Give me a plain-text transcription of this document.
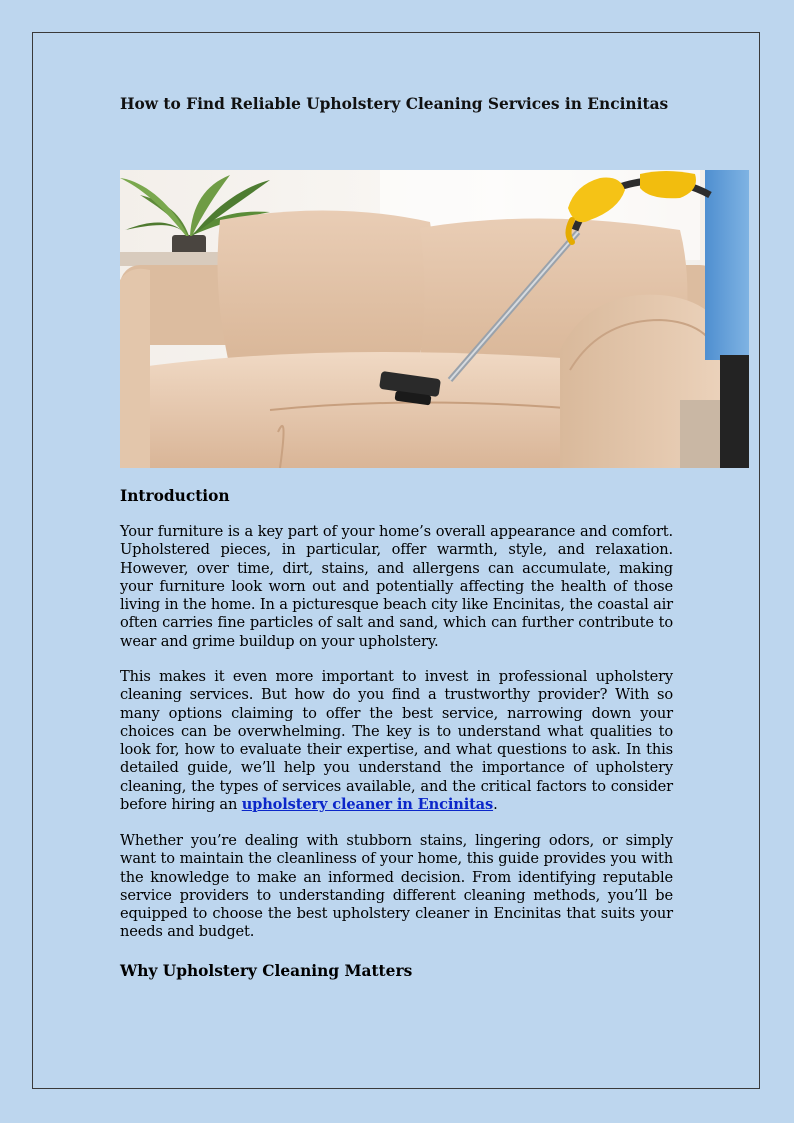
How to Find Reliable Upholstery Cleaning Services in Encinitas
Introduction

Your furniture is a key part of your home’s overall appearance and comfort. Upholstered pieces, in particular, offer warmth, style, and relaxation. However, over time, dirt, stains, and allergens can accumulate, making your furniture look worn out and potentially affecting the health of those living in the home. In a picturesque beach city like Encinitas, the coastal air often carries fine particles of salt and sand, which can further contribute to wear and grime buildup on your upholstery.

This makes it even more important to invest in professional upholstery cleaning services. But how do you find a trustworthy provider? With so many options claiming to offer the best service, narrowing down your choices can be overwhelming. The key is to understand what qualities to look for, how to evaluate their expertise, and what questions to ask. In this detailed guide, we’ll help you understand the importance of upholstery cleaning, the types of services available, and the critical factors to consider before hiring an upholstery cleaner in Encinitas.

Whether you’re dealing with stubborn stains, lingering odors, or simply want to maintain the cleanliness of your home, this guide provides you with the knowledge to make an informed decision. From identifying reputable service providers to understanding different cleaning methods, you’ll be equipped to choose the best upholstery cleaner in Encinitas that suits your needs and budget.

Why Upholstery Cleaning Matters
